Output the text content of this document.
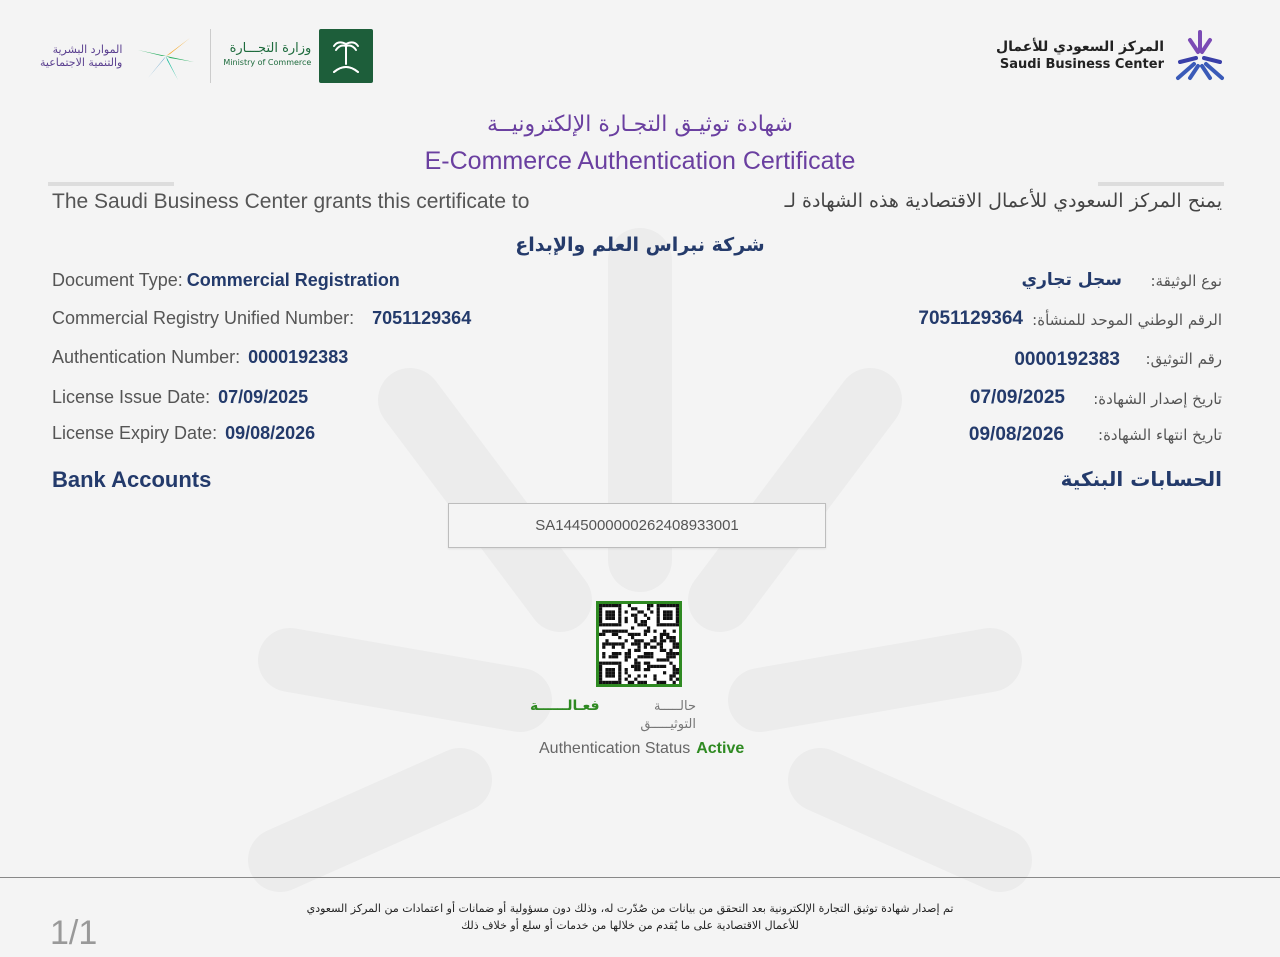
المركز السعودي للأعمال
Saudi Business Center
الموارد البشرية
والتنمية الاجتماعية
وزارة التجـــارة
Ministry of Commerce
شهادة توثيـق التجـارة الإلكترونيــة
E-Commerce Authentication Certificate
The Saudi Business Center grants this certificate to	يمنح المركز السعودي للأعمال الاقتصادية هذه الشهادة لـ
شركة نبراس العلم والإبداع
Document Type: Commercial Registration	نوع الوثيقة:
سجل تجاري
Commercial Registry Unified Number: 7051129364	الرقم الوطني الموحد للمنشأة:
7051129364
Authentication Number: 0000192383	رقم التوثيق:
0000192383
License Issue Date: 07/09/2025	تاريخ إصدار الشهادة:
07/09/2025
License Expiry Date: 09/08/2026	تاريخ انتهاء الشهادة:
09/08/2026
Bank Accounts	الحسابات البنكية
SA1445000000262408933001
حالـــــة التوثيـــــق
فعـالــــــة
Authentication Status Active
تم إصدار شهادة توثيق التجارة الإلكترونية بعد التحقق من بيانات من صُدّرت له، وذلك دون مسؤولية أو ضمانات أو اعتمادات من المركز السعودي للأعمال الاقتصادية على ما يُقدم من خلالها من خدمات أو سلع أو خلاف ذلك
1/1
